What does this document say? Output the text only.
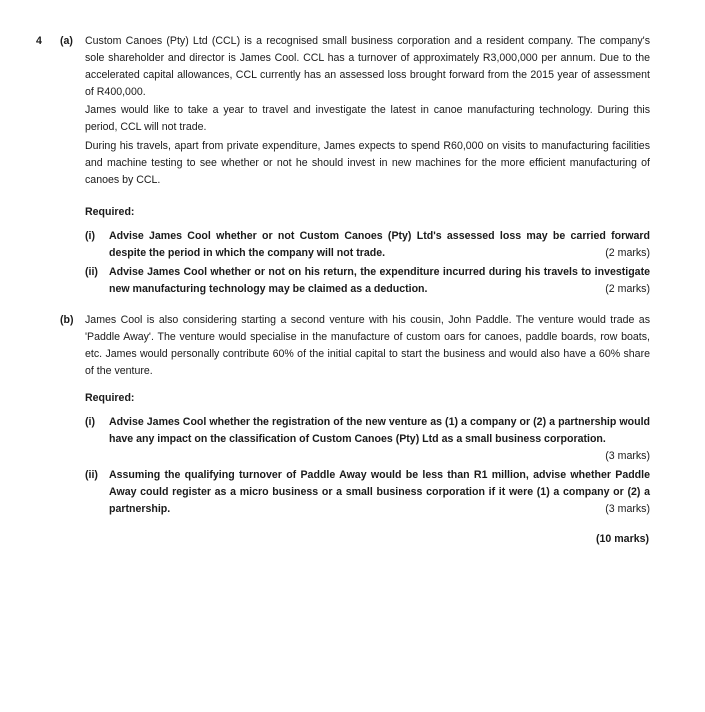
4 (a) Custom Canoes (Pty) Ltd (CCL) is a recognised small business corporation and a resident company. The company's sole shareholder and director is James Cool. CCL has a turnover of approximately R3,000,000 per annum. Due to the accelerated capital allowances, CCL currently has an assessed loss brought forward from the 2015 year of assessment of R400,000.

James would like to take a year to travel and investigate the latest in canoe manufacturing technology. During this period, CCL will not trade.

During his travels, apart from private expenditure, James expects to spend R60,000 on visits to manufacturing facilities and machine testing to see whether or not he should invest in new machines for the more efficient manufacturing of canoes by CCL.

Required:
(i) Advise James Cool whether or not Custom Canoes (Pty) Ltd's assessed loss may be carried forward despite the period in which the company will not trade.	(2 marks)
(ii) Advise James Cool whether or not on his return, the expenditure incurred during his travels to investigate new manufacturing technology may be claimed as a deduction.	(2 marks)
(b) James Cool is also considering starting a second venture with his cousin, John Paddle. The venture would trade as 'Paddle Away'. The venture would specialise in the manufacture of custom oars for canoes, paddle boards, row boats, etc. James would personally contribute 60% of the initial capital to start the business and would also have a 60% share of the venture.

Required:
(i) Advise James Cool whether the registration of the new venture as (1) a company or (2) a partnership would have any impact on the classification of Custom Canoes (Pty) Ltd as a small business corporation.
(3 marks)
(ii) Assuming the qualifying turnover of Paddle Away would be less than R1 million, advise whether Paddle Away could register as a micro business or a small business corporation if it were (1) a company or (2) a partnership.	(3 marks)
(10 marks)
